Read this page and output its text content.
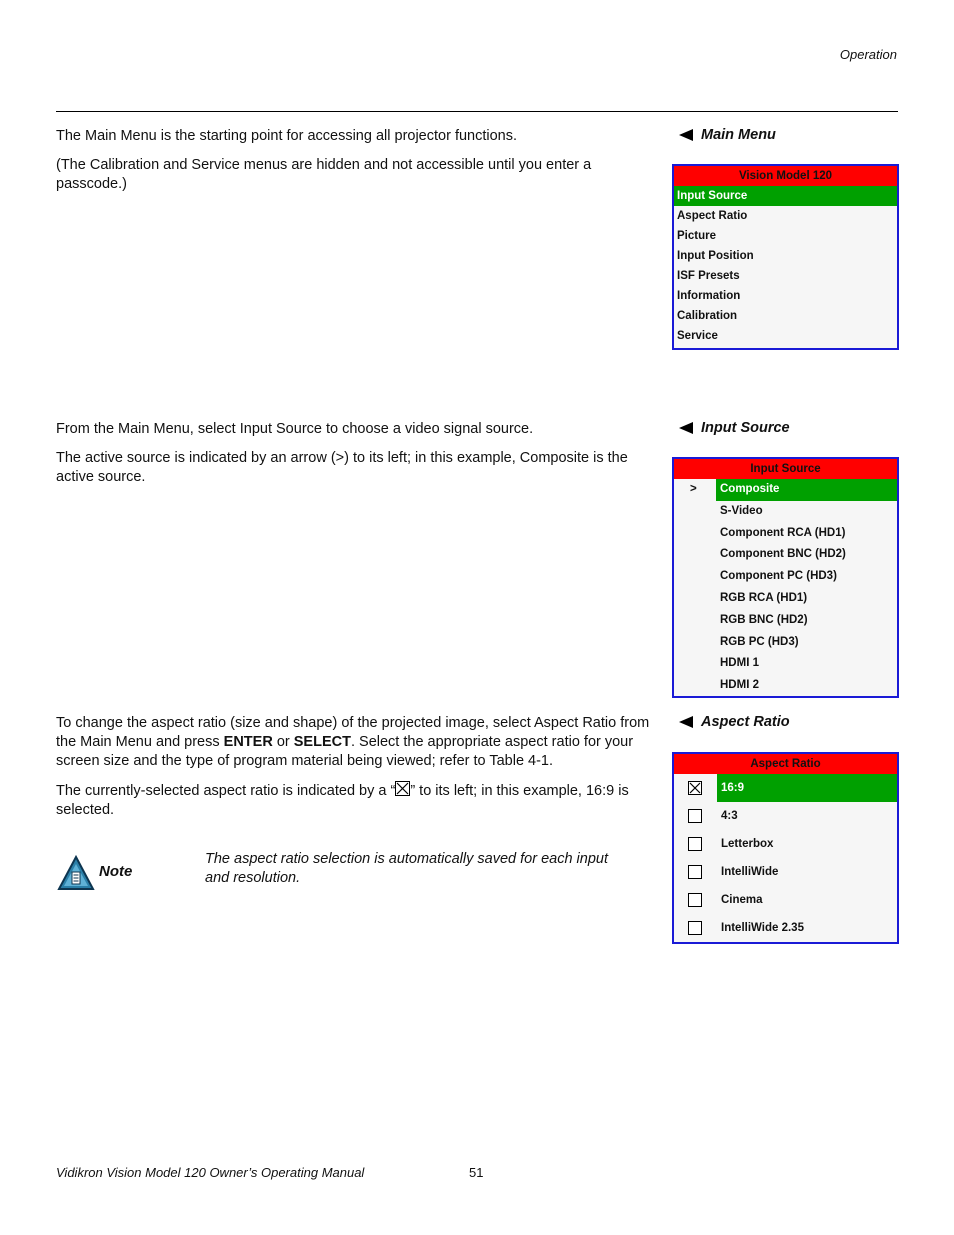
Operation

The Main Menu is the starting point for accessing all projector functions.

(The Calibration and Service menus are hidden and not accessible until you enter a passcode.)

Main Menu
Vision Model 120
Input Source
Aspect Ratio
Picture
Input Position
ISF Presets
Information
Calibration
Service

From the Main Menu, select Input Source to choose a video signal source.

The active source is indicated by an arrow (>) to its left; in this example, Composite is the active source.

Input Source
Input Source
>	Composite
S-Video
Component RCA (HD1)
Component BNC (HD2)
Component PC (HD3)
RGB RCA (HD1)
RGB BNC (HD2)
RGB PC (HD3)
HDMI 1
HDMI 2

To change the aspect ratio (size and shape) of the projected image, select Aspect Ratio from the Main Menu and press ENTER or SELECT. Select the appropriate aspect ratio for your screen size and the type of program material being viewed; refer to Table 4-1.

The currently-selected aspect ratio is indicated by a “ ” to its left; in this example, 16:9 is selected.

Aspect Ratio
Aspect Ratio
16:9
4:3
Letterbox
IntelliWide
Cinema
IntelliWide 2.35
Note

The aspect ratio selection is automatically saved for each input and resolution.

Vidikron Vision Model 120 Owner’s Operating Manual	51
